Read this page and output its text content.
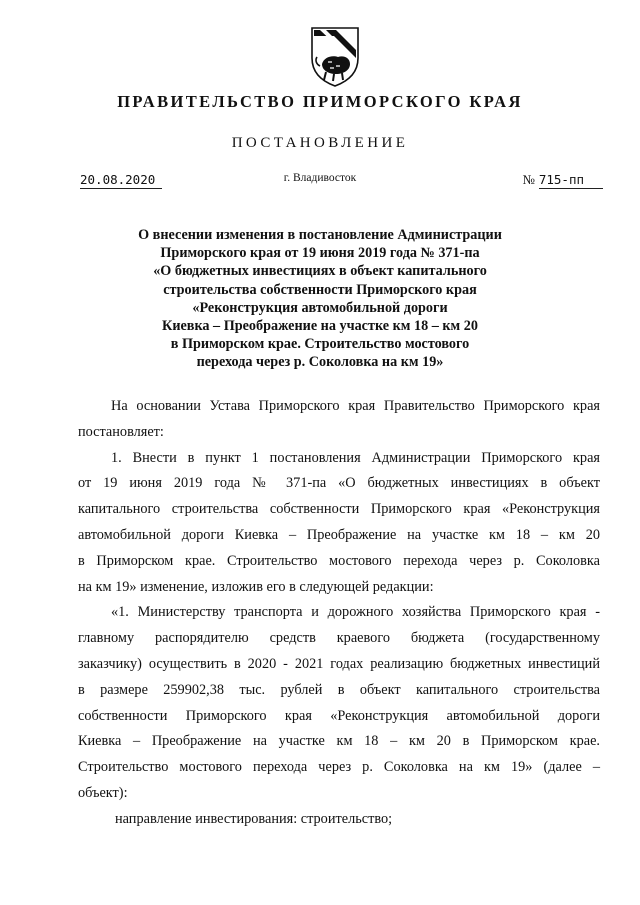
ПРАВИТЕЛЬСТВО ПРИМОРСКОГО КРАЯ
ПОСТАНОВЛЕНИЕ
20.08.2020	г. Владивосток	№ 715-пп
О внесении изменения в постановление Администрации
Приморского края от 19 июня 2019 года № 371-па
«О бюджетных инвестициях в объект капитального
строительства собственности Приморского края
«Реконструкция автомобильной дороги
Киевка – Преображение на участке км 18 – км 20
в Приморском крае. Строительство мостового
перехода через р. Соколовка на км 19»
На основании Устава Приморского края Правительство Приморского края
постановляет:
1. Внести в пункт 1 постановления Администрации Приморского края
от 19 июня 2019 года № 371-па «О бюджетных инвестициях в объект
капитального строительства собственности Приморского края «Реконструкция
автомобильной дороги Киевка – Преображение на участке км 18 – км 20
в Приморском крае. Строительство мостового перехода через р. Соколовка
на км 19» изменение, изложив его в следующей редакции:
«1. Министерству транспорта и дорожного хозяйства Приморского края -
главному распорядителю средств краевого бюджета (государственному
заказчику) осуществить в 2020 - 2021 годах реализацию бюджетных инвестиций
в размере 259902,38 тыс. рублей в объект капитального строительства
собственности Приморского края «Реконструкция автомобильной дороги
Киевка – Преображение на участке км 18 – км 20 в Приморском крае.
Строительство мостового перехода через р. Соколовка на км 19» (далее –
объект):
направление инвестирования: строительство;
